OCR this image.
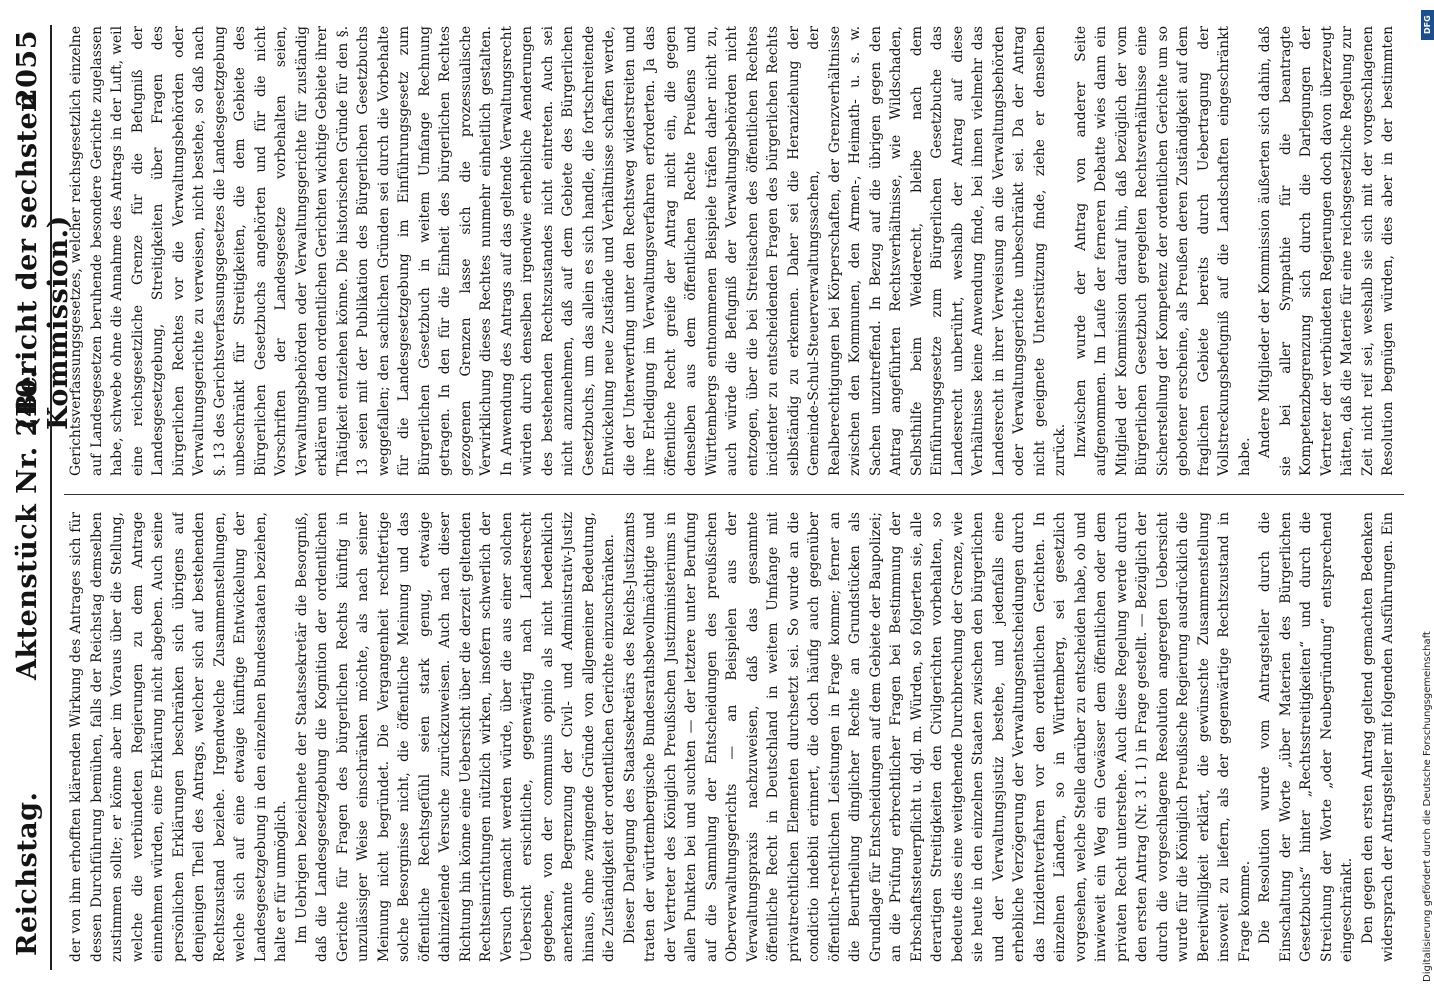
Reichstag.
Aktenstück Nr. 240.
(Bericht der sechsten Kommission.)
2055

der von ihm erhofften klärenden Wirkung des Antrages sich für dessen Durchführung bemühen, falls der Reichstag demselben zustimmen sollte; er könne aber im Voraus über die Stellung, welche die verbündeten Regierungen zu dem Antrage einnehmen würden, eine Erklärung nicht abgeben. Auch seine persönlichen Erklärungen beschränken sich übrigens auf denjenigen Theil des Antrags, welcher sich auf bestehenden Rechtszustand beziehe. Irgendwelche Zusammenstellungen, welche sich auf eine etwaige künftige Entwickelung der Landesgesetzgebung in den einzelnen Bundesstaaten beziehen, halte er für unmöglich. Im Uebrigen bezeichnete der Staatssekretär die Besorgniß, daß die Landesgesetzgebung die Kognition der ordentlichen Gerichte für Fragen des bürgerlichen Rechts künftig in unzulässiger Weise einschränken möchte, als nach seiner Meinung nicht begründet. Die Vergangenheit rechtfertige solche Besorgnisse nicht, die öffentliche Meinung und das öffentliche Rechtsgefühl seien stark genug, etwaige dahinzielende Versuche zurückzuweisen. Auch nach dieser Richtung hin könne eine Uebersicht über die derzeit geltenden Rechtseinrichtungen nützlich wirken, insofern schwerlich der Versuch gemacht werden würde, über die aus einer solchen Uebersicht ersichtliche, gegenwärtig nach Landesrecht gegebene, von der communis opinio als nicht bedenklich anerkannte Begrenzung der Civil- und Administrativ-Justiz hinaus, ohne zwingende Gründe von allgemeiner Bedeutung, die Zuständigkeit der ordentlichen Gerichte einzuschränken. Dieser Darlegung des Staatssekretärs des Reichs-Justizamts traten der württembergische Bundesrathsbevollmächtigte und der Vertreter des Königlich Preußischen Justizministeriums in allen Punkten bei und suchten — der letztere unter Berufung auf die Sammlung der Entscheidungen des preußischen Oberverwaltungsgerichts — an Beispielen aus der Verwaltungspraxis nachzuweisen, daß das gesammte öffentliche Recht in Deutschland in weitem Umfange mit privatrechtlichen Elementen durchsetzt sei. So wurde an die condictio indebiti erinnert, die doch häufig auch gegenüber öffentlich-rechtlichen Leistungen in Frage komme; ferner an die Beurtheilung dinglicher Rechte an Grundstücken als Grundlage für Entscheidungen auf dem Gebiete der Baupolizei; an die Prüfung erbrechtlicher Fragen bei Bestimmung der Erbschaftssteuerpflicht u. dgl. m. Würden, so folgerten sie, alle derartigen Streitigkeiten den Civilgerichten vorbehalten, so bedeute dies eine weitgehende Durchbrechung der Grenze, wie sie heute in den einzelnen Staaten zwischen den bürgerlichen und der Verwaltungsjustiz bestehe, und jedenfalls eine erhebliche Verzögerung der Verwaltungsentscheidungen durch das Inzidentverfahren vor den ordentlichen Gerichten. In einzelnen Ländern, so in Württemberg, sei gesetzlich vorgesehen, welche Stelle darüber zu entscheiden habe, ob und inwieweit ein Weg ein Gewässer dem öffentlichen oder dem privaten Recht unterstehe. Auch diese Regelung werde durch den ersten Antrag (Nr. 3 I. 1) in Frage gestellt. — Bezüglich der durch die vorgeschlagene Resolution angeregten Uebersicht wurde für die Königlich Preußische Regierung ausdrücklich die Bereitwilligkeit erklärt, die gewünschte Zusammenstellung insoweit zu liefern, als der gegenwärtige Rechtszustand in Frage komme. Die Resolution wurde vom Antragsteller durch die Einschaltung der Worte „über Materien des Bürgerlichen Gesetzbuchs“ hinter „Rechtsstreitigkeiten“ und durch die Streichung der Worte „oder Neubegründung“ entsprechend eingeschränkt. Den gegen den ersten Antrag geltend gemachten Bedenken widersprach der Antragsteller mit folgenden Ausführungen. Ein

Gerichtsverfassungsgesetzes, welcher reichsgesetzlich einzelne auf Landesgesetzen beruhende besondere Gerichte zugelassen habe, schwebe ohne die Annahme des Antrags in der Luft, weil eine reichsgesetzliche Grenze für die Befugniß der Landesgesetzgebung, Streitigkeiten über Fragen des bürgerlichen Rechtes vor die Verwaltungsbehörden oder Verwaltungsgerichte zu verweisen, nicht bestehe, so daß nach §. 13 des Gerichtsverfassungsgesetzes die Landesgesetzgebung unbeschränkt für Streitigkeiten, die dem Gebiete des Bürgerlichen Gesetzbuchs angehörten und für die nicht Vorschriften der Landesgesetze vorbehalten seien, Verwaltungsbehörden oder Verwaltungsgerichte für zuständig erklären und den ordentlichen Gerichten wichtige Gebiete ihrer Thätigkeit entziehen könne. Die historischen Gründe für den §. 13 seien mit der Publikation des Bürgerlichen Gesetzbuchs weggefallen; den sachlichen Gründen sei durch die Vorbehalte für die Landesgesetzgebung im Einführungsgesetz zum Bürgerlichen Gesetzbuch in weitem Umfange Rechnung getragen. In den für die Einheit des bürgerlichen Rechtes gezogenen Grenzen lasse sich die prozessualische Verwirklichung dieses Rechtes nunmehr einheitlich gestalten. In Anwendung des Antrags auf das geltende Verwaltungsrecht würden durch denselben irgendwie erhebliche Aenderungen des bestehenden Rechtszustandes nicht eintreten. Auch sei nicht anzunehmen, daß auf dem Gebiete des Bürgerlichen Gesetzbuchs, um das allein es sich handle, die fortschreitende Entwickelung neue Zustände und Verhältnisse schaffen werde, die der Unterwerfung unter den Rechtsweg widerstreiten und ihre Erledigung im Verwaltungsverfahren erforderten. Ja das öffentliche Recht greife der Antrag nicht ein, die gegen denselben aus dem öffentlichen Rechte Preußens und Württembergs entnommenen Beispiele träfen daher nicht zu, auch würde die Befugniß der Verwaltungsbehörden nicht entzogen, über die bei Streitsachen des öffentlichen Rechtes incidenter zu entscheidenden Fragen des bürgerlichen Rechts selbständig zu erkennen. Daher sei die Heranziehung der Gemeinde-Schul-Steuerverwaltungssachen, der Realberechtigungen bei Körperschaften, der Grenzverhältnisse zwischen den Kommunen, den Armen-, Heimath- u. s. w. Sachen unzutreffend. In Bezug auf die übrigen gegen den Antrag angeführten Rechtsverhältnisse, wie Wildschaden, Selbsthilfe beim Weiderecht, bleibe nach dem Einführungsgesetze zum Bürgerlichen Gesetzbuche das Landesrecht unberührt, weshalb der Antrag auf diese Verhältnisse keine Anwendung finde, bei ihnen vielmehr das Landesrecht in ihrer Verweisung an die Verwaltungsbehörden oder Verwaltungsgerichte unbeschränkt sei. Da der Antrag nicht geeignete Unterstützung finde, ziehe er denselben zurück. Inzwischen wurde der Antrag von anderer Seite aufgenommen. Im Laufe der ferneren Debatte wies dann ein Mitglied der Kommission darauf hin, daß bezüglich der vom Bürgerlichen Gesetzbuch geregelten Rechtsverhältnisse eine Sicherstellung der Kompetenz der ordentlichen Gerichte um so gebotener erscheine, als Preußen deren Zuständigkeit auf dem fraglichen Gebiete bereits durch Uebertragung der Vollstreckungsbefugniß auf die Landschaften eingeschränkt habe. Andere Mitglieder der Kommission äußerten sich dahin, daß sie bei aller Sympathie für die beantragte Kompetenzbegrenzung sich durch die Darlegungen der Vertreter der verbündeten Regierungen doch davon überzeugt hätten, daß die Materie für eine reichsgesetzliche Regelung zur Zeit nicht reif sei, weshalb sie sich mit der vorgeschlagenen Resolution begnügen würden, dies aber in der bestimmten

DFG
Digitalisierung gefördert durch die Deutsche Forschungsgemeinschaft
